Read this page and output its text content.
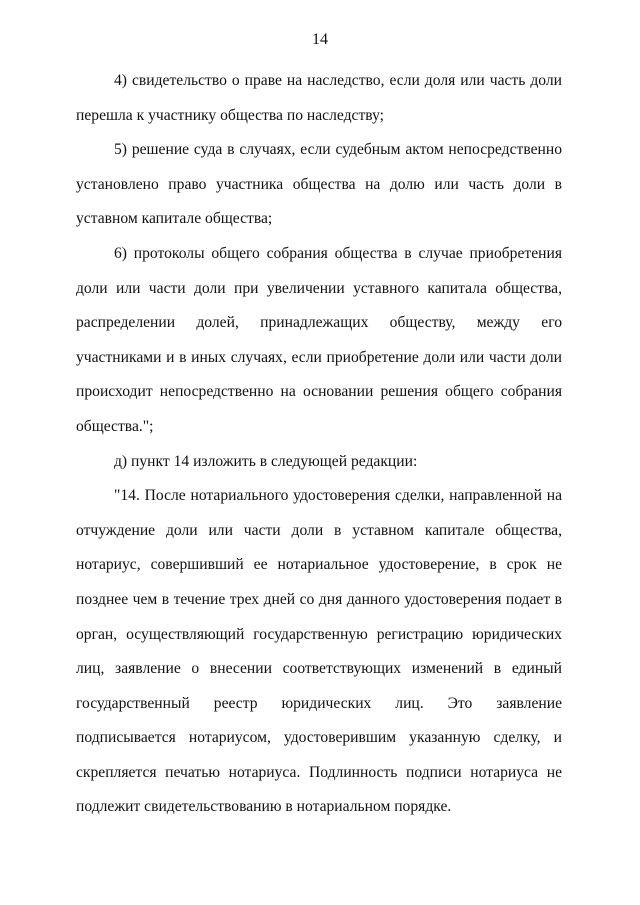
14

4) свидетельство о праве на наследство, если доля или часть доли перешла к участнику общества по наследству;

5) решение суда в случаях, если судебным актом непосредственно установлено право участника общества на долю или часть доли в уставном капитале общества;

6) протоколы общего собрания общества в случае приобретения доли или части доли при увеличении уставного капитала общества, распределении долей, принадлежащих обществу, между его участниками и в иных случаях, если приобретение доли или части доли происходит непосредственно на основании решения общего собрания общества.";

д) пункт 14 изложить в следующей редакции:

"14. После нотариального удостоверения сделки, направленной на отчуждение доли или части доли в уставном капитале общества, нотариус, совершивший ее нотариальное удостоверение, в срок не позднее чем в течение трех дней со дня данного удостоверения подает в орган, осуществляющий государственную регистрацию юридических лиц, заявление о внесении соответствующих изменений в единый государственный реестр юридических лиц. Это заявление подписывается нотариусом, удостоверившим указанную сделку, и скрепляется печатью нотариуса. Подлинность подписи нотариуса не подлежит свидетельствованию в нотариальном порядке.
